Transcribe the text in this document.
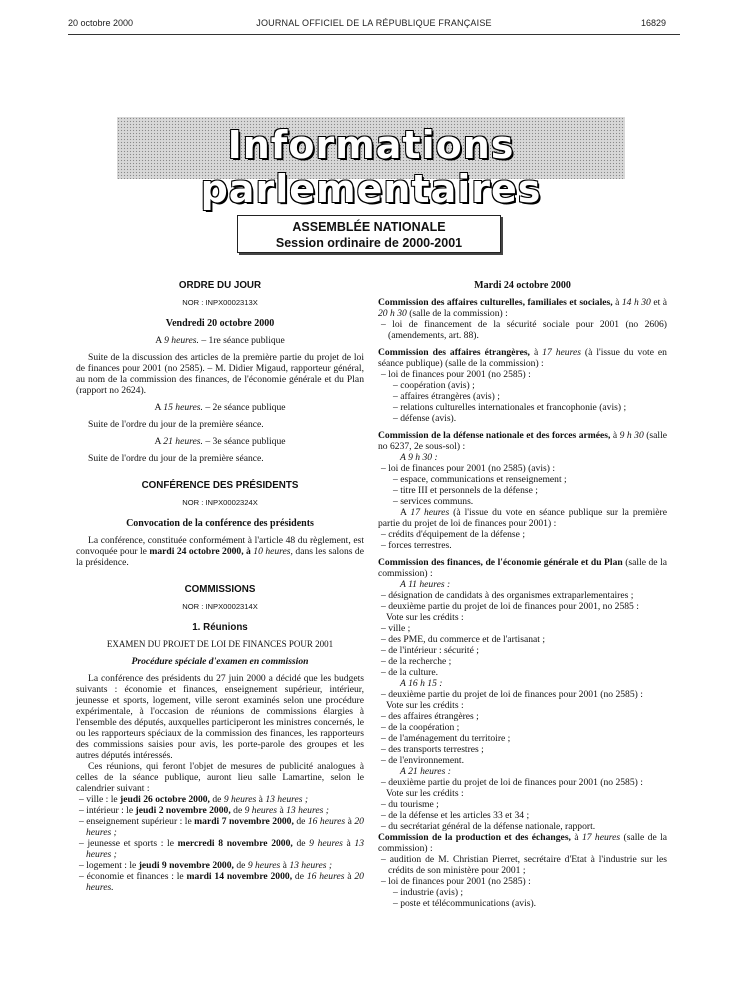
20 octobre 2000	JOURNAL OFFICIEL DE LA RÉPUBLIQUE FRANÇAISE	16829
Informations parlementaires
ASSEMBLÉE NATIONALE
Session ordinaire de 2000-2001

ORDRE DU JOUR

NOR : INPX0002313X

Vendredi 20 octobre 2000

A 9 heures. – 1re séance publique

Suite de la discussion des articles de la première partie du projet de loi de finances pour 2001 (no 2585). – M. Didier Migaud, rapporteur général, au nom de la commission des finances, de l'économie générale et du Plan (rapport no 2624).

A 15 heures. – 2e séance publique

Suite de l'ordre du jour de la première séance.

A 21 heures. – 3e séance publique

Suite de l'ordre du jour de la première séance.

CONFÉRENCE DES PRÉSIDENTS

NOR : INPX0002324X

Convocation de la conférence des présidents

La conférence, constituée conformément à l'article 48 du règlement, est convoquée pour le mardi 24 octobre 2000, à 10 heures, dans les salons de la présidence.

COMMISSIONS

NOR : INPX0002314X

1. Réunions

EXAMEN DU PROJET DE LOI DE FINANCES POUR 2001

Procédure spéciale d'examen en commission

La conférence des présidents du 27 juin 2000 a décidé que les budgets suivants : économie et finances, enseignement supérieur, intérieur, jeunesse et sports, logement, ville seront examinés selon une procédure expérimentale, à l'occasion de réunions de commissions élargies à l'ensemble des députés, auxquelles participeront les ministres concernés, le ou les rapporteurs spéciaux de la commission des finances, les rapporteurs des commissions saisies pour avis, les porte-parole des groupes et les autres députés intéressés.

Ces réunions, qui feront l'objet de mesures de publicité analogues à celles de la séance publique, auront lieu salle Lamartine, selon le calendrier suivant :

– ville : le jeudi 26 octobre 2000, de 9 heures à 13 heures ;

– intérieur : le jeudi 2 novembre 2000, de 9 heures à 13 heures ;

– enseignement supérieur : le mardi 7 novembre 2000, de 16 heures à 20 heures ;

– jeunesse et sports : le mercredi 8 novembre 2000, de 9 heures à 13 heures ;

– logement : le jeudi 9 novembre 2000, de 9 heures à 13 heures ;

– économie et finances : le mardi 14 novembre 2000, de 16 heures à 20 heures.

Mardi 24 octobre 2000

Commission des affaires culturelles, familiales et sociales, à 14 h 30 et à 20 h 30 (salle de la commission) :

– loi de financement de la sécurité sociale pour 2001 (no 2606) (amendements, art. 88).

Commission des affaires étrangères, à 17 heures (à l'issue du vote en séance publique) (salle de la commission) :

– loi de finances pour 2001 (no 2585) :

– coopération (avis) ;

– affaires étrangères (avis) ;

– relations culturelles internationales et francophonie (avis) ;

– défense (avis).

Commission de la défense nationale et des forces armées, à 9 h 30 (salle no 6237, 2e sous-sol) :

A 9 h 30 :

– loi de finances pour 2001 (no 2585) (avis) :

– espace, communications et renseignement ;

– titre III et personnels de la défense ;

– services communs.

A 17 heures (à l'issue du vote en séance publique sur la première partie du projet de loi de finances pour 2001) :

– crédits d'équipement de la défense ;

– forces terrestres.

Commission des finances, de l'économie générale et du Plan (salle de la commission) :

A 11 heures :

– désignation de candidats à des organismes extraparlementaires ;

– deuxième partie du projet de loi de finances pour 2001, no 2585 :

Vote sur les crédits :

– ville ;

– des PME, du commerce et de l'artisanat ;

– de l'intérieur : sécurité ;

– de la recherche ;

– de la culture.

A 16 h 15 :

– deuxième partie du projet de loi de finances pour 2001 (no 2585) :

Vote sur les crédits :

– des affaires étrangères ;

– de la coopération ;

– de l'aménagement du territoire ;

– des transports terrestres ;

– de l'environnement.

A 21 heures :

– deuxième partie du projet de loi de finances pour 2001 (no 2585) :

Vote sur les crédits :

– du tourisme ;

– de la défense et les articles 33 et 34 ;

– du secrétariat général de la défense nationale, rapport.

Commission de la production et des échanges, à 17 heures (salle de la commission) :

– audition de M. Christian Pierret, secrétaire d'Etat à l'industrie sur les crédits de son ministère pour 2001 ;

– loi de finances pour 2001 (no 2585) :

– industrie (avis) ;

– poste et télécommunications (avis).
